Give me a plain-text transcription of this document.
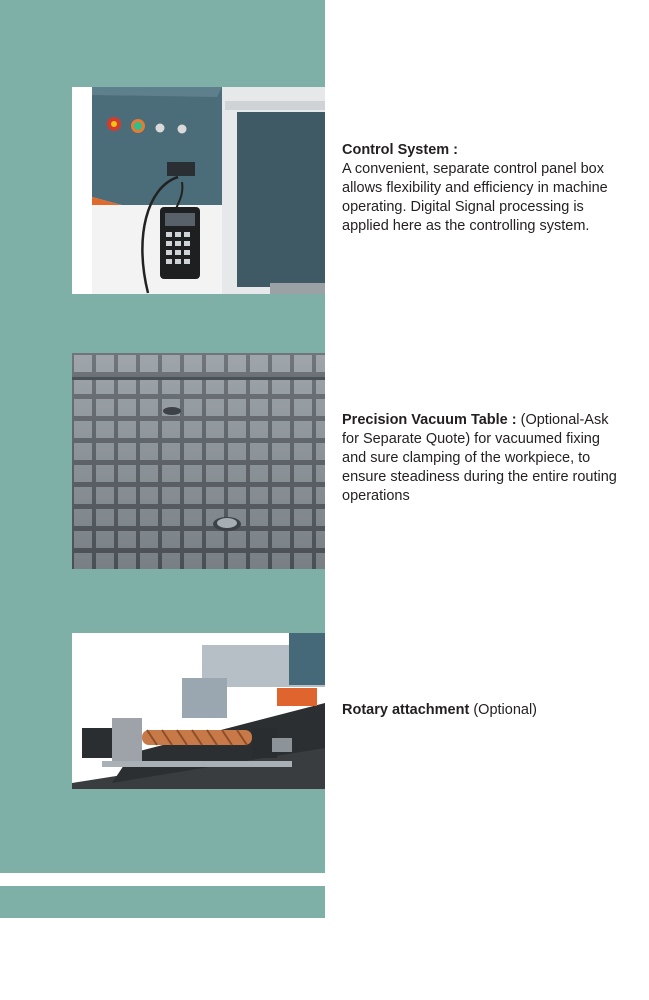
Control System :
A convenient, separate control panel box allows flexibility and efficiency in machine operating. Digital Signal processing is applied here as the controlling system.
Precision Vacuum Table : (Optional-Ask for Separate Quote) for vacuumed fixing and sure clamping of the workpiece, to ensure steadiness during the entire routing operations
Rotary attachment (Optional)
